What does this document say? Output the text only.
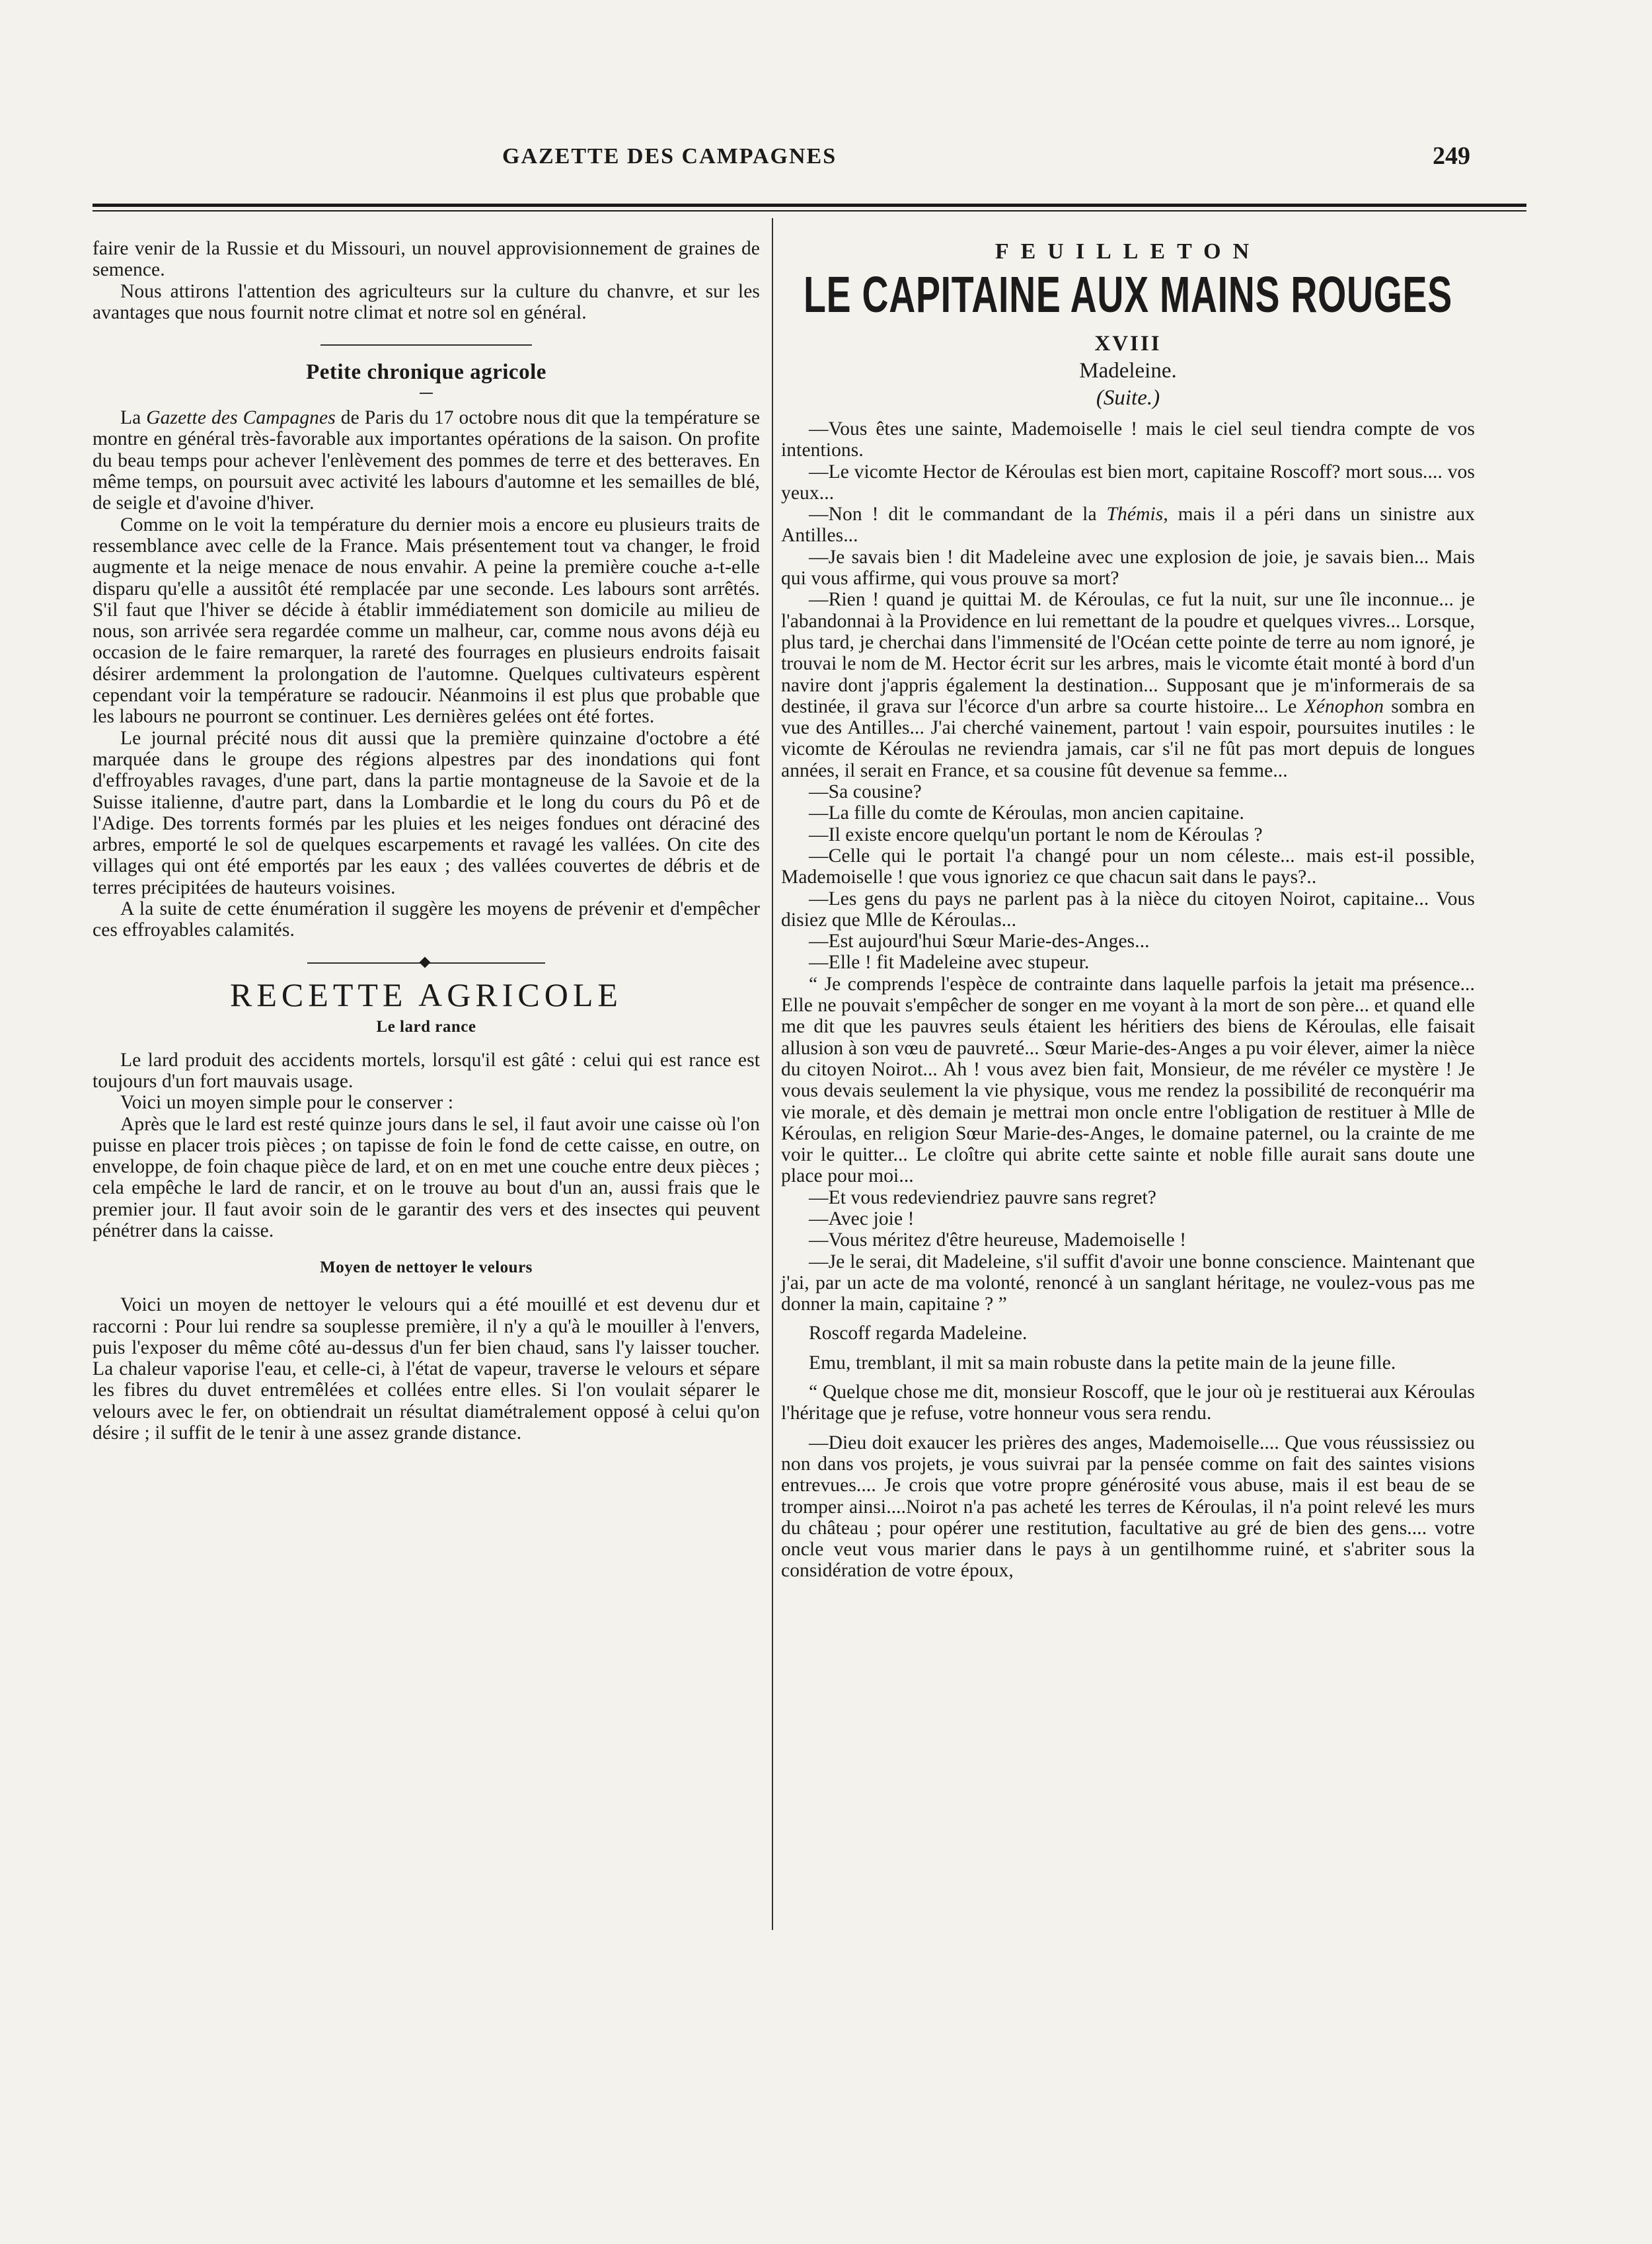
GAZETTE DES CAMPAGNES	249

faire venir de la Russie et du Missouri, un nouvel approvisionnement de graines de semence.

Nous attirons l'attention des agriculteurs sur la culture du chanvre, et sur les avantages que nous fournit notre climat et notre sol en général.

Petite chronique agricole

La Gazette des Campagnes de Paris du 17 octobre nous dit que la température se montre en général très-favorable aux importantes opérations de la saison. On profite du beau temps pour achever l'enlèvement des pommes de terre et des betteraves. En même temps, on poursuit avec activité les labours d'automne et les semailles de blé, de seigle et d'avoine d'hiver.

Comme on le voit la température du dernier mois a encore eu plusieurs traits de ressemblance avec celle de la France. Mais présentement tout va changer, le froid augmente et la neige menace de nous envahir. A peine la première couche a-t-elle disparu qu'elle a aussitôt été remplacée par une seconde. Les labours sont arrêtés. S'il faut que l'hiver se décide à établir immédiatement son domicile au milieu de nous, son arrivée sera regardée comme un malheur, car, comme nous avons déjà eu occasion de le faire remarquer, la rareté des fourrages en plusieurs endroits faisait désirer ardemment la prolongation de l'automne. Quelques cultivateurs espèrent cependant voir la température se radoucir. Néanmoins il est plus que probable que les labours ne pourront se continuer. Les dernières gelées ont été fortes.

Le journal précité nous dit aussi que la première quinzaine d'octobre a été marquée dans le groupe des régions alpestres par des inondations qui font d'effroyables ravages, d'une part, dans la partie montagneuse de la Savoie et de la Suisse italienne, d'autre part, dans la Lombardie et le long du cours du Pô et de l'Adige. Des torrents formés par les pluies et les neiges fondues ont déraciné des arbres, emporté le sol de quelques escarpements et ravagé les vallées. On cite des villages qui ont été emportés par les eaux ; des vallées couvertes de débris et de terres précipitées de hauteurs voisines.

A la suite de cette énumération il suggère les moyens de prévenir et d'empêcher ces effroyables calamités.

RECETTE AGRICOLE
Le lard rance

Le lard produit des accidents mortels, lorsqu'il est gâté : celui qui est rance est toujours d'un fort mauvais usage.

Voici un moyen simple pour le conserver :

Après que le lard est resté quinze jours dans le sel, il faut avoir une caisse où l'on puisse en placer trois pièces ; on tapisse de foin le fond de cette caisse, en outre, on enveloppe, de foin chaque pièce de lard, et on en met une couche entre deux pièces ; cela empêche le lard de rancir, et on le trouve au bout d'un an, aussi frais que le premier jour. Il faut avoir soin de le garantir des vers et des insectes qui peuvent pénétrer dans la caisse.

Moyen de nettoyer le velours

Voici un moyen de nettoyer le velours qui a été mouillé et est devenu dur et raccorni : Pour lui rendre sa souplesse première, il n'y a qu'à le mouiller à l'envers, puis l'exposer du même côté au-dessus d'un fer bien chaud, sans l'y laisser toucher. La chaleur vaporise l'eau, et celle-ci, à l'état de vapeur, traverse le velours et sépare les fibres du duvet entremêlées et collées entre elles. Si l'on voulait séparer le velours avec le fer, on obtiendrait un résultat diamétralement opposé à celui qu'on désire ; il suffit de le tenir à une assez grande distance.

FEUILLETON
LE CAPITAINE AUX MAINS ROUGES
XVIII
Madeleine.
(Suite.)

—Vous êtes une sainte, Mademoiselle ! mais le ciel seul tiendra compte de vos intentions.

—Le vicomte Hector de Kéroulas est bien mort, capitaine Roscoff? mort sous.... vos yeux...

—Non ! dit le commandant de la Thémis, mais il a péri dans un sinistre aux Antilles...

—Je savais bien ! dit Madeleine avec une explosion de joie, je savais bien... Mais qui vous affirme, qui vous prouve sa mort?

—Rien ! quand je quittai M. de Kéroulas, ce fut la nuit, sur une île inconnue... je l'abandonnai à la Providence en lui remettant de la poudre et quelques vivres... Lorsque, plus tard, je cherchai dans l'immensité de l'Océan cette pointe de terre au nom ignoré, je trouvai le nom de M. Hector écrit sur les arbres, mais le vicomte était monté à bord d'un navire dont j'appris également la destination... Supposant que je m'informerais de sa destinée, il grava sur l'écorce d'un arbre sa courte histoire... Le Xénophon sombra en vue des Antilles... J'ai cherché vainement, partout ! vain espoir, poursuites inutiles : le vicomte de Kéroulas ne reviendra jamais, car s'il ne fût pas mort depuis de longues années, il serait en France, et sa cousine fût devenue sa femme...

—Sa cousine?

—La fille du comte de Kéroulas, mon ancien capitaine.

—Il existe encore quelqu'un portant le nom de Kéroulas ?

—Celle qui le portait l'a changé pour un nom céleste... mais est-il possible, Mademoiselle ! que vous ignoriez ce que chacun sait dans le pays?..

—Les gens du pays ne parlent pas à la nièce du citoyen Noirot, capitaine... Vous disiez que Mlle de Kéroulas...

—Est aujourd'hui Sœur Marie-des-Anges...

—Elle ! fit Madeleine avec stupeur.

“ Je comprends l'espèce de contrainte dans laquelle parfois la jetait ma présence... Elle ne pouvait s'empêcher de songer en me voyant à la mort de son père... et quand elle me dit que les pauvres seuls étaient les héritiers des biens de Kéroulas, elle faisait allusion à son vœu de pauvreté... Sœur Marie-des-Anges a pu voir élever, aimer la nièce du citoyen Noirot... Ah ! vous avez bien fait, Monsieur, de me révéler ce mystère ! Je vous devais seulement la vie physique, vous me rendez la possibilité de reconquérir ma vie morale, et dès demain je mettrai mon oncle entre l'obligation de restituer à Mlle de Kéroulas, en religion Sœur Marie-des-Anges, le domaine paternel, ou la crainte de me voir le quitter... Le cloître qui abrite cette sainte et noble fille aurait sans doute une place pour moi...

—Et vous redeviendriez pauvre sans regret?

—Avec joie !

—Vous méritez d'être heureuse, Mademoiselle !

—Je le serai, dit Madeleine, s'il suffit d'avoir une bonne conscience. Maintenant que j'ai, par un acte de ma volonté, renoncé à un sanglant héritage, ne voulez-vous pas me donner la main, capitaine ? ”

Roscoff regarda Madeleine.

Emu, tremblant, il mit sa main robuste dans la petite main de la jeune fille.

“ Quelque chose me dit, monsieur Roscoff, que le jour où je restituerai aux Kéroulas l'héritage que je refuse, votre honneur vous sera rendu.

—Dieu doit exaucer les prières des anges, Mademoiselle.... Que vous réussissiez ou non dans vos projets, je vous suivrai par la pensée comme on fait des saintes visions entrevues.... Je crois que votre propre générosité vous abuse, mais il est beau de se tromper ainsi....Noirot n'a pas acheté les terres de Kéroulas, il n'a point relevé les murs du château ; pour opérer une restitution, facultative au gré de bien des gens.... votre oncle veut vous marier dans le pays à un gentilhomme ruiné, et s'abriter sous la considération de votre époux,
